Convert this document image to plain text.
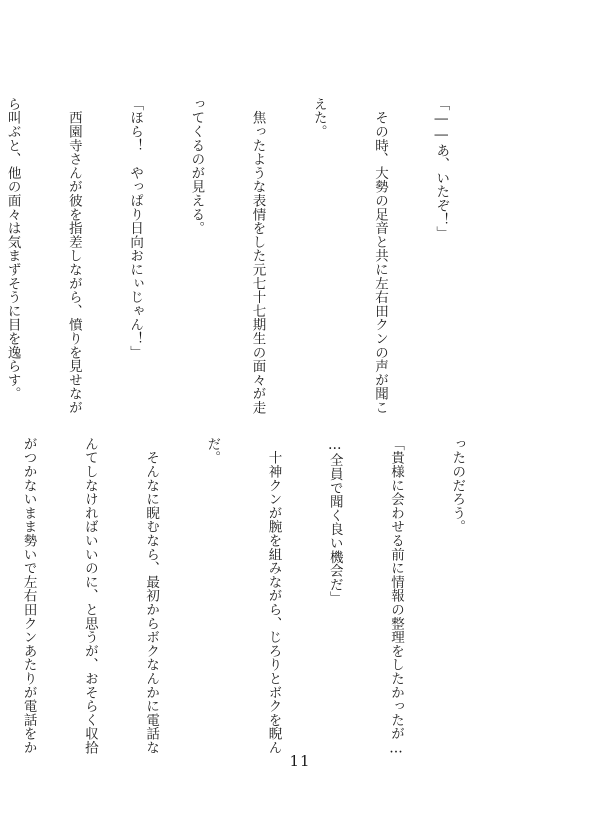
「――あ、いたぞ！」

　その時、大勢の足音と共に左右田クンの声が聞こ

えた。

　焦ったような表情をした元七十七期生の面々が走

ってくるのが見える。

「ほら！　やっぱり日向おにぃじゃん！」

　西園寺さんが彼を指差しながら、憤りを見せなが

ら叫ぶと、他の面々は気まずそうに目を逸らす。

ったのだろう。

「貴様に会わせる前に情報の整理をしたかったが…

…全員で聞く良い機会だ」

　十神クンが腕を組みながら、じろりとボクを睨ん

だ。

　そんなに睨むなら、最初からボクなんかに電話な

んてしなければいいのに、と思うが、おそらく収拾

がつかないまま勢いで左右田クンあたりが電話をか

11
